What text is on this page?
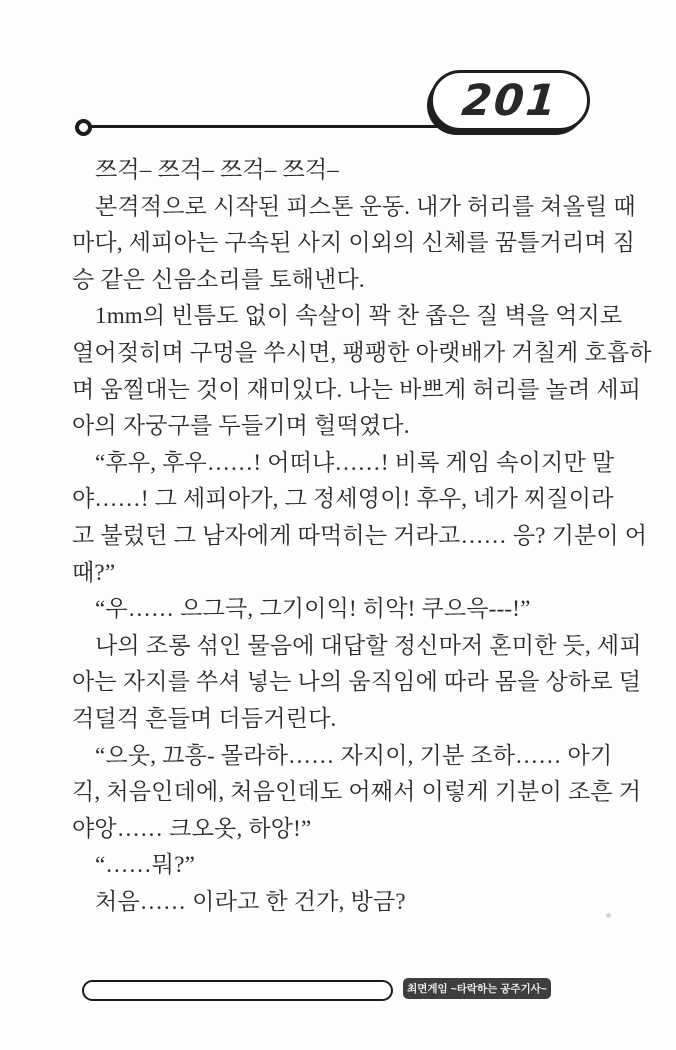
201
쯔걱– 쯔걱– 쯔걱– 쯔걱–
본격적으로 시작된 피스톤 운동. 내가 허리를 쳐올릴 때
마다, 세피아는 구속된 사지 이외의 신체를 꿈틀거리며 짐
승 같은 신음소리를 토해낸다.
1mm의 빈틈도 없이 속살이 꽉 찬 좁은 질 벽을 억지로
열어젖히며 구멍을 쑤시면, 팽팽한 아랫배가 거칠게 호흡하
며 움찔대는 것이 재미있다. 나는 바쁘게 허리를 놀려 세피
아의 자궁구를 두들기며 헐떡였다.
“후우, 후우……! 어떠냐……! 비록 게임 속이지만 말
야……! 그 세피아가, 그 정세영이! 후우, 네가 찌질이라
고 불렀던 그 남자에게 따먹히는 거라고…… 응? 기분이 어
때?”
“우…… 으그극, 그기이익! 히악! 쿠으윽---!”
나의 조롱 섞인 물음에 대답할 정신마저 혼미한 듯, 세피
아는 자지를 쑤셔 넣는 나의 움직임에 따라 몸을 상하로 덜
걱덜걱 흔들며 더듬거린다.
“으웃, 끄흥- 몰라하…… 자지이, 기분 조하…… 아기
긱, 처음인데에, 처음인데도 어째서 이렇게 기분이 조흔 거
야앙…… 크오옷, 하앙!”
“……뭐?”
처음…… 이라고 한 건가, 방금?
최면게임 ~타락하는 공주기사~
